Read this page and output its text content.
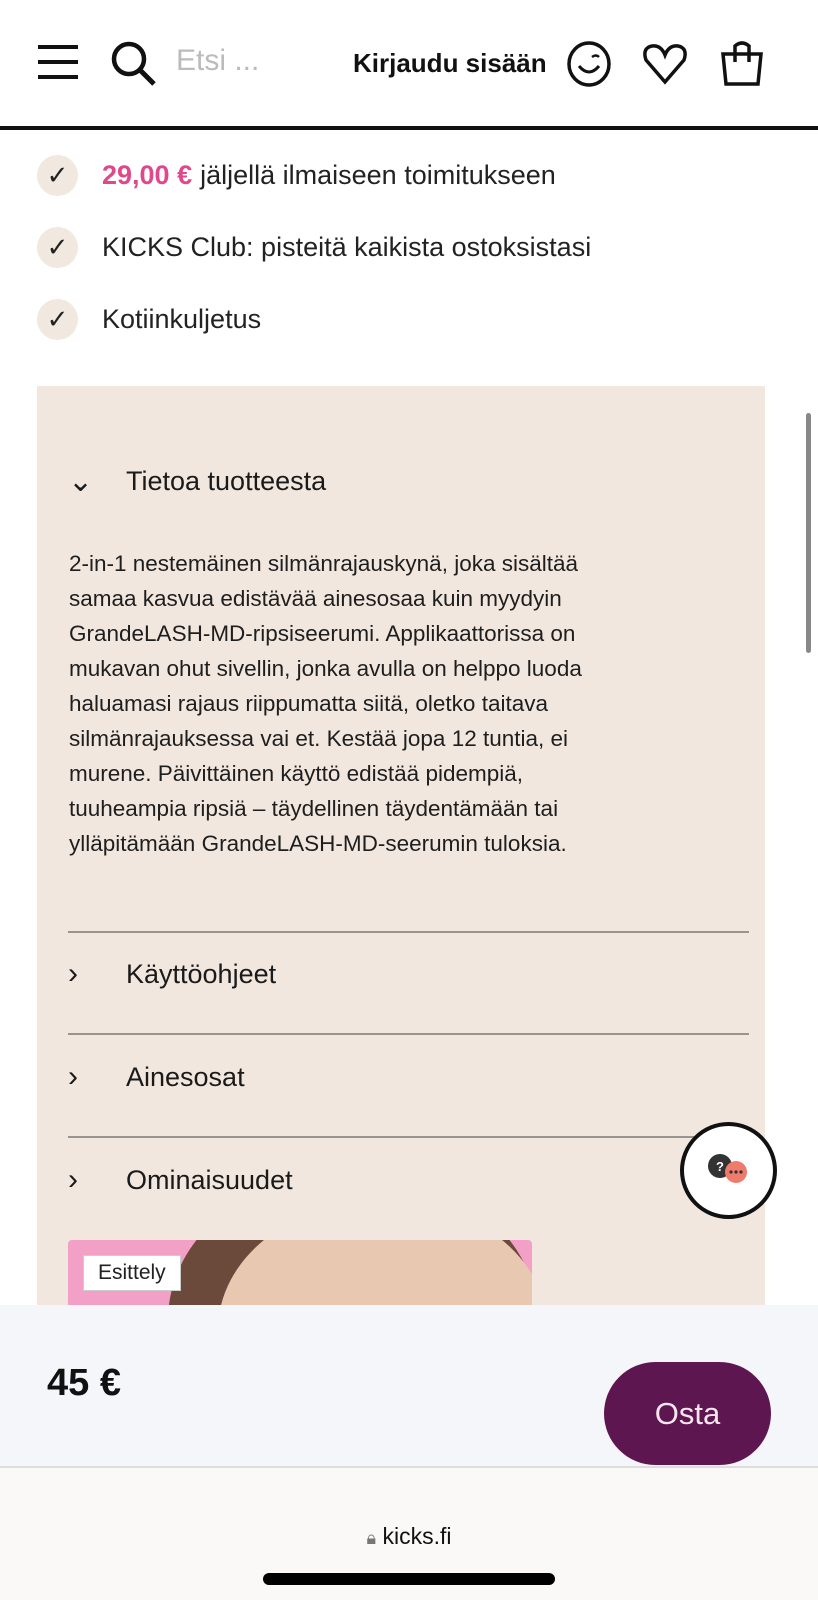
Etsi ...	Kirjaudu sisään
✓	29,00 € jäljellä ilmaiseen toimitukseen
✓	KICKS Club: pisteitä kaikista ostoksistasi
✓	Kotiinkuljetus
⌄	Tietoa tuotteesta
2-in-1 nestemäinen silmänrajauskynä, joka sisältää
samaa kasvua edistävää ainesosaa kuin myydyin
GrandeLASH-MD-ripsiseerumi. Applikaattorissa on
mukavan ohut sivellin, jonka avulla on helppo luoda
haluamasi rajaus riippumatta siitä, oletko taitava
silmänrajauksessa vai et. Kestää jopa 12 tuntia, ei
murene. Päivittäinen käyttö edistää pidempiä,
tuuheampia ripsiä – täydellinen täydentämään tai
ylläpitämään GrandeLASH-MD-seerumin tuloksia.
›	Käyttöohjeet
›	Ainesosat
›	Ominaisuudet
Esittely
?
45 €
Osta
🔒︎ kicks.fi
